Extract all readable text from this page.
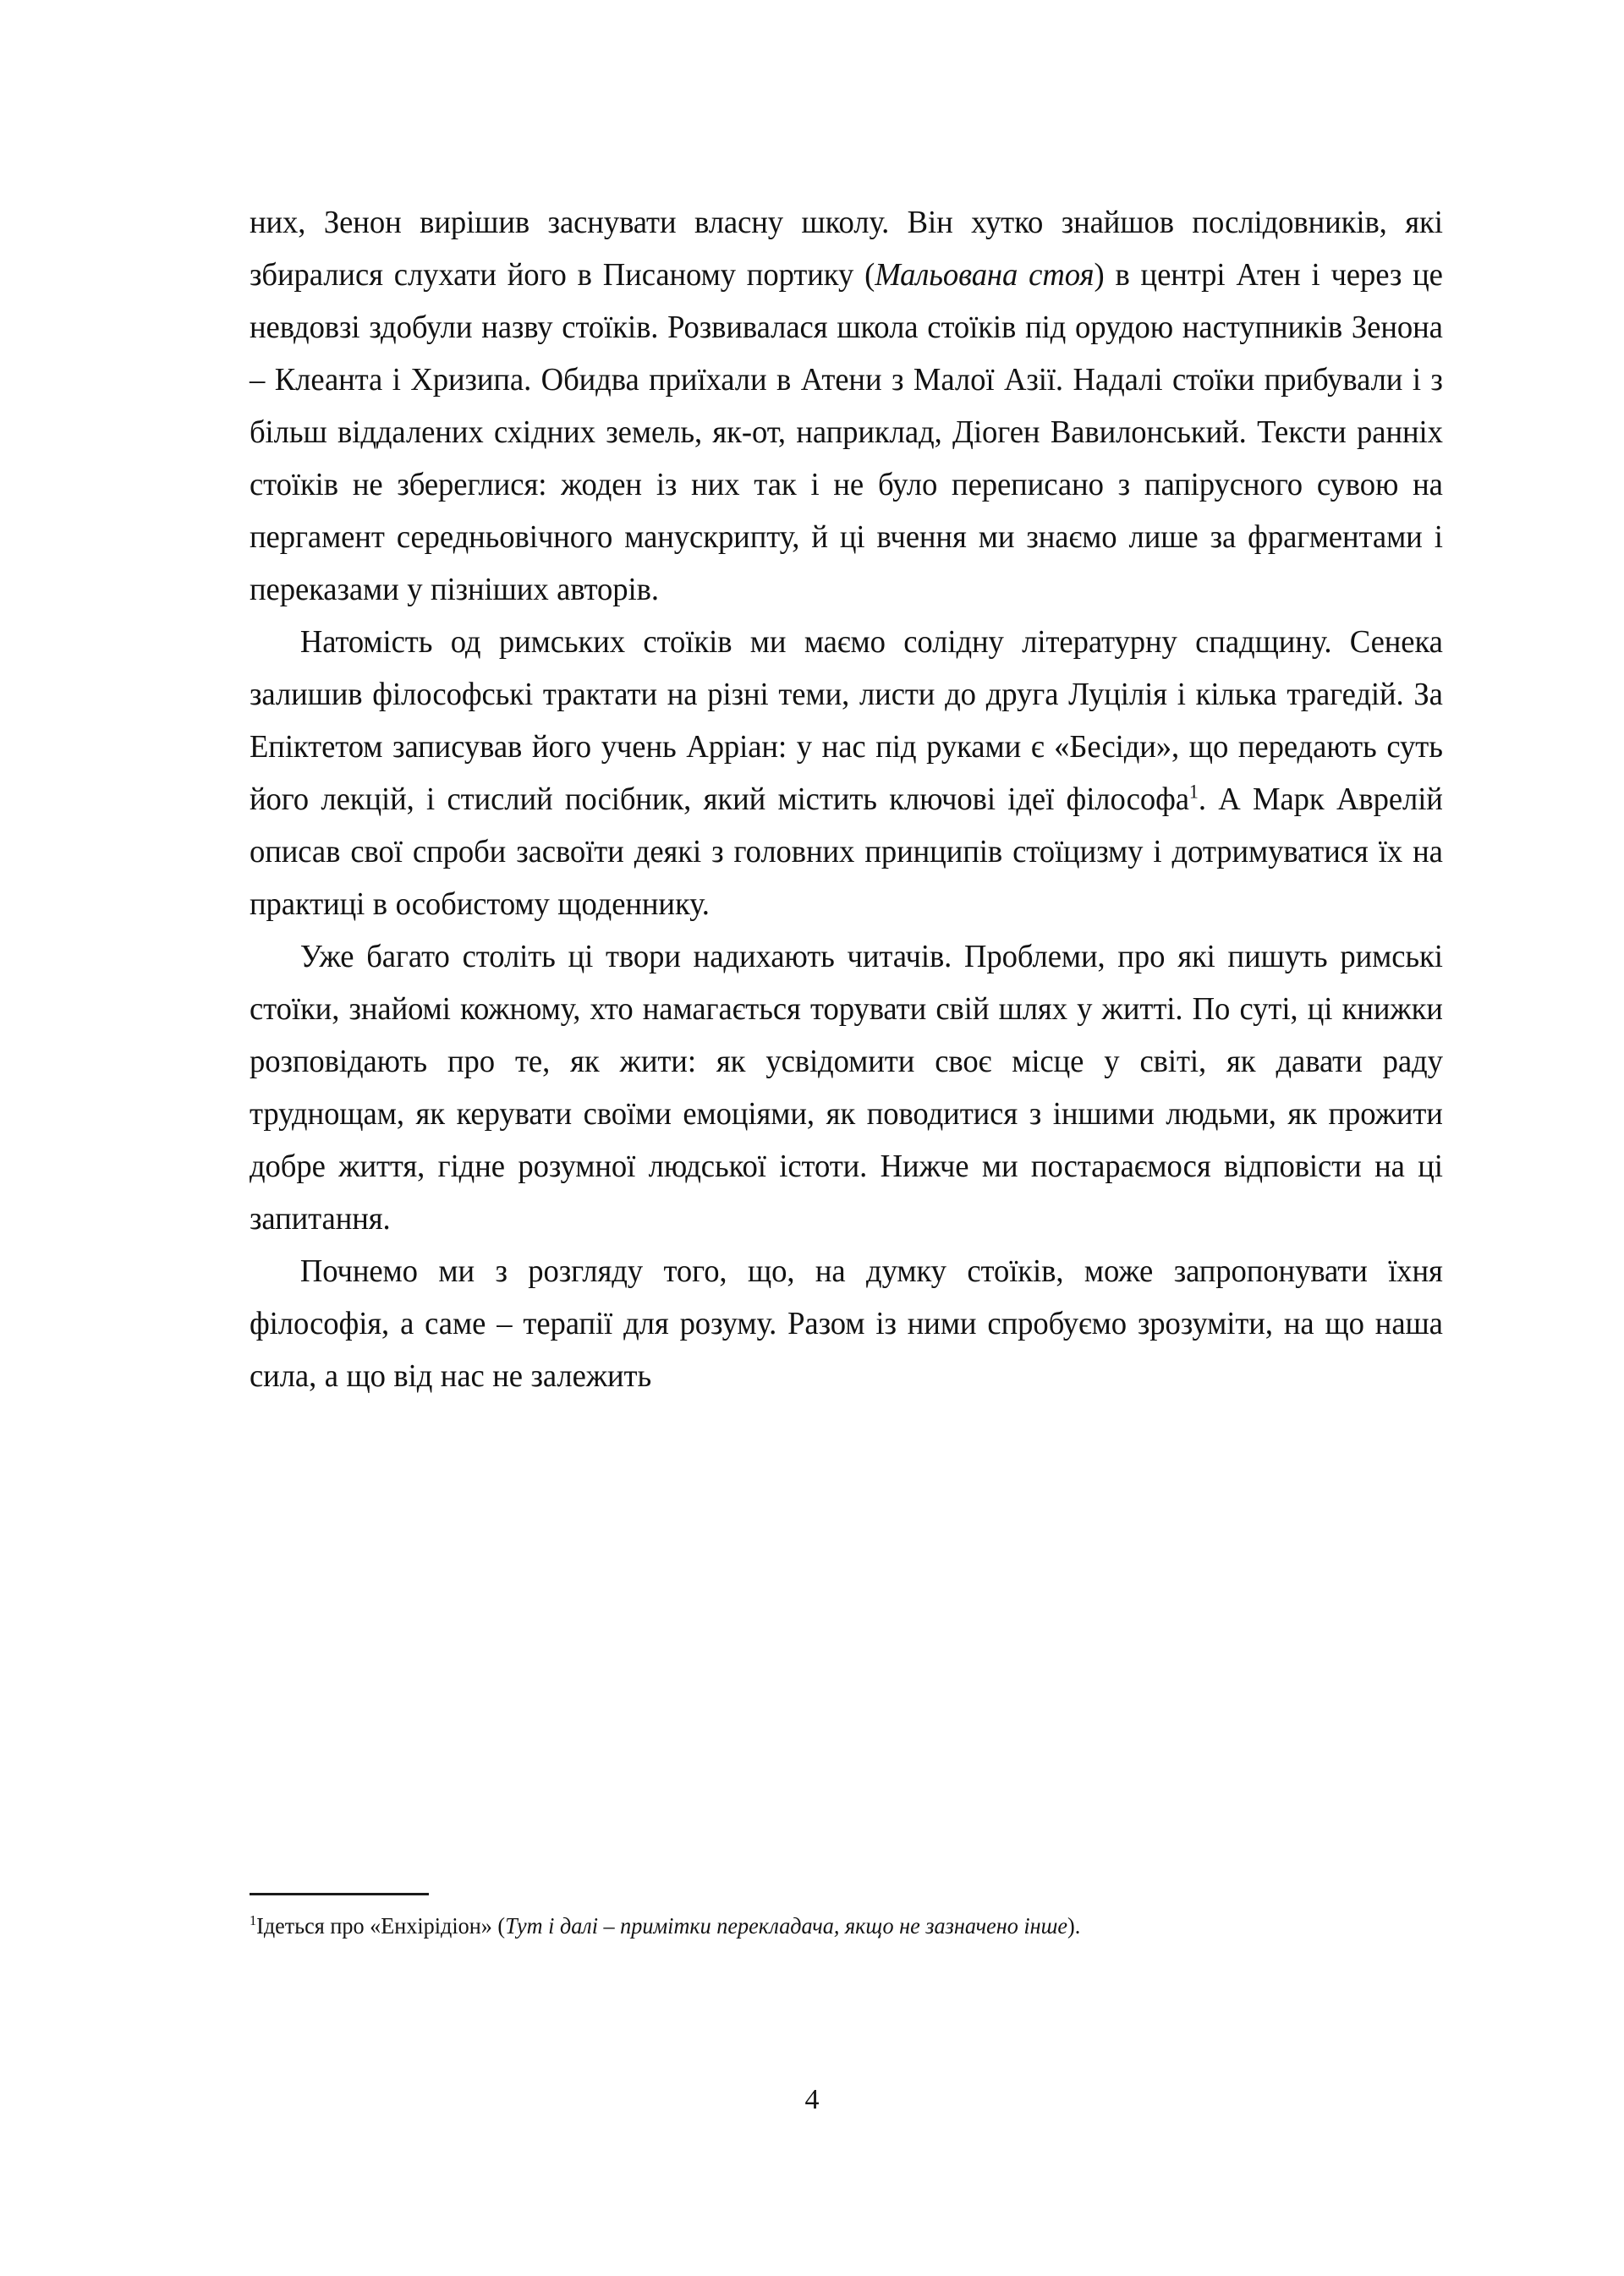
них, Зенон вирішив заснувати власну школу. Він хутко знайшов послідовників, які збиралися слухати його в Писаному портику (Мальована стоя) в центрі Атен і через це невдовзі здобули назву стоїків. Розвивалася школа стоїків під орудою наступників Зенона – Клеанта і Хризипа. Обидва приїхали в Атени з Малої Азії. Надалі стоїки прибували і з більш віддалених східних земель, як-от, наприклад, Діоген Вавилонський. Тексти ранніх стоїків не збереглися: жоден із них так і не було переписано з папірусного сувою на пергамент середньовічного манускрипту, й ці вчення ми знаємо лише за фрагментами і переказами у пізніших авторів.

Натомість од римських стоїків ми маємо солідну літературну спадщину. Сенека залишив філософські трактати на різні теми, листи до друга Луцілія і кілька трагедій. За Епіктетом записував його учень Арріан: у нас під руками є «Бесіди», що передають суть його лекцій, і стислий посібник, який містить ключові ідеї філософа$^1$. А Марк Аврелій описав свої спроби засвоїти деякі з головних принципів стоїцизму і дотримуватися їх на практиці в особистому щоденнику.

Уже багато століть ці твори надихають читачів. Проблеми, про які пишуть римські стоїки, знайомі кожному, хто намагається торувати свій шлях у житті. По суті, ці книжки розповідають про те, як жити: як усвідомити своє місце у світі, як давати раду труднощам, як керувати своїми емоціями, як поводитися з іншими людьми, як прожити добре життя, гідне розумної людської істоти. Нижче ми постараємося відповісти на ці запитання.

Почнемо ми з розгляду того, що, на думку стоїків, може запропонувати їхня філософія, а саме – терапії для розуму. Разом із ними спробуємо зрозуміти, на що наша сила, а що від нас не залежить

$^1$Ідеться про «Енхірідіон» (Тут і далі – примітки перекладача, якщо не зазначено інше).

4
